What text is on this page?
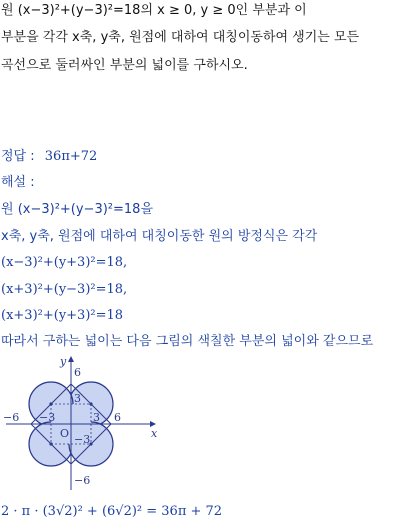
원 (x−3)²+(y−3)²=18의 x ≥ 0, y ≥ 0인 부분과 이
부분을 각각 x축, y축, 원점에 대하여 대칭이동하여 생기는 모든
곡선으로 둘러싸인 부분의 넓이를 구하시오.
정답 : 36π+72
해설 :
원 (x−3)²+(y−3)²=18을
x축, y축, 원점에 대하여 대칭이동한 원의 방정식은 각각
(x−3)²+(y+3)²=18,
(x+3)²+(y−3)²=18,
(x+3)²+(y+3)²=18
따라서 구하는 넓이는 다음 그림의 색칠한 부분의 넓이와 같으므로
y
x
O
6
3
−6 −3	3 6
−3
−6
2 · π · (3√2)² + (6√2)² = 36π + 72
